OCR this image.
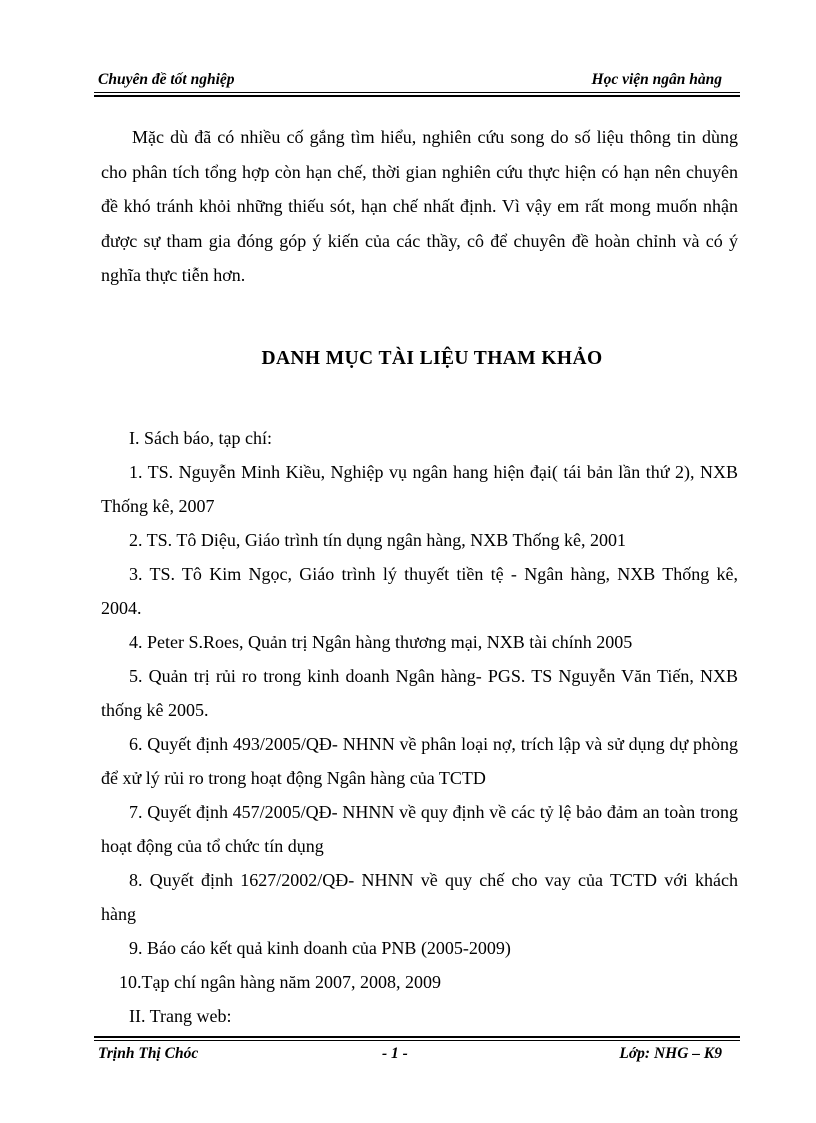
Chuyên đề tốt nghiệp	Học viện ngân hàng

Mặc dù đã có nhiều cố gắng tìm hiểu, nghiên cứu song do số liệu thông tin dùng cho phân tích tổng hợp còn hạn chế, thời gian nghiên cứu thực hiện có hạn nên chuyên đề khó tránh khỏi những thiếu sót, hạn chế nhất định. Vì vậy em rất mong muốn nhận được sự tham gia đóng góp ý kiến của các thầy, cô để chuyên đề hoàn chỉnh và có ý nghĩa thực tiễn hơn.

DANH MỤC TÀI LIỆU THAM KHẢO

I. Sách báo, tạp chí:

1. TS. Nguyễn Minh Kiều, Nghiệp vụ ngân hang hiện đại( tái bản lần thứ 2), NXB Thống kê, 2007

2. TS. Tô Diệu, Giáo trình tín dụng ngân hàng, NXB Thống kê, 2001

3. TS. Tô Kim Ngọc, Giáo trình lý thuyết tiền tệ - Ngân hàng, NXB Thống kê, 2004.

4. Peter S.Roes, Quản trị Ngân hàng thương mại, NXB tài chính 2005

5. Quản trị rủi ro trong kinh doanh Ngân hàng- PGS. TS Nguyễn Văn Tiến, NXB thống kê 2005.

6. Quyết định 493/2005/QĐ- NHNN về phân loại nợ, trích lập và sử dụng dự phòng để xử lý rủi ro trong hoạt động Ngân hàng của TCTD

7. Quyết định 457/2005/QĐ- NHNN về quy định về các tỷ lệ bảo đảm an toàn trong hoạt động của tổ chức tín dụng

8. Quyết định 1627/2002/QĐ- NHNN về quy chế cho vay của TCTD với khách hàng

9. Báo cáo kết quả kinh doanh của PNB (2005-2009)

10.Tạp chí ngân hàng năm 2007, 2008, 2009

II. Trang web:

Trịnh Thị Chóc	- 1 -	Lớp: NHG – K9
